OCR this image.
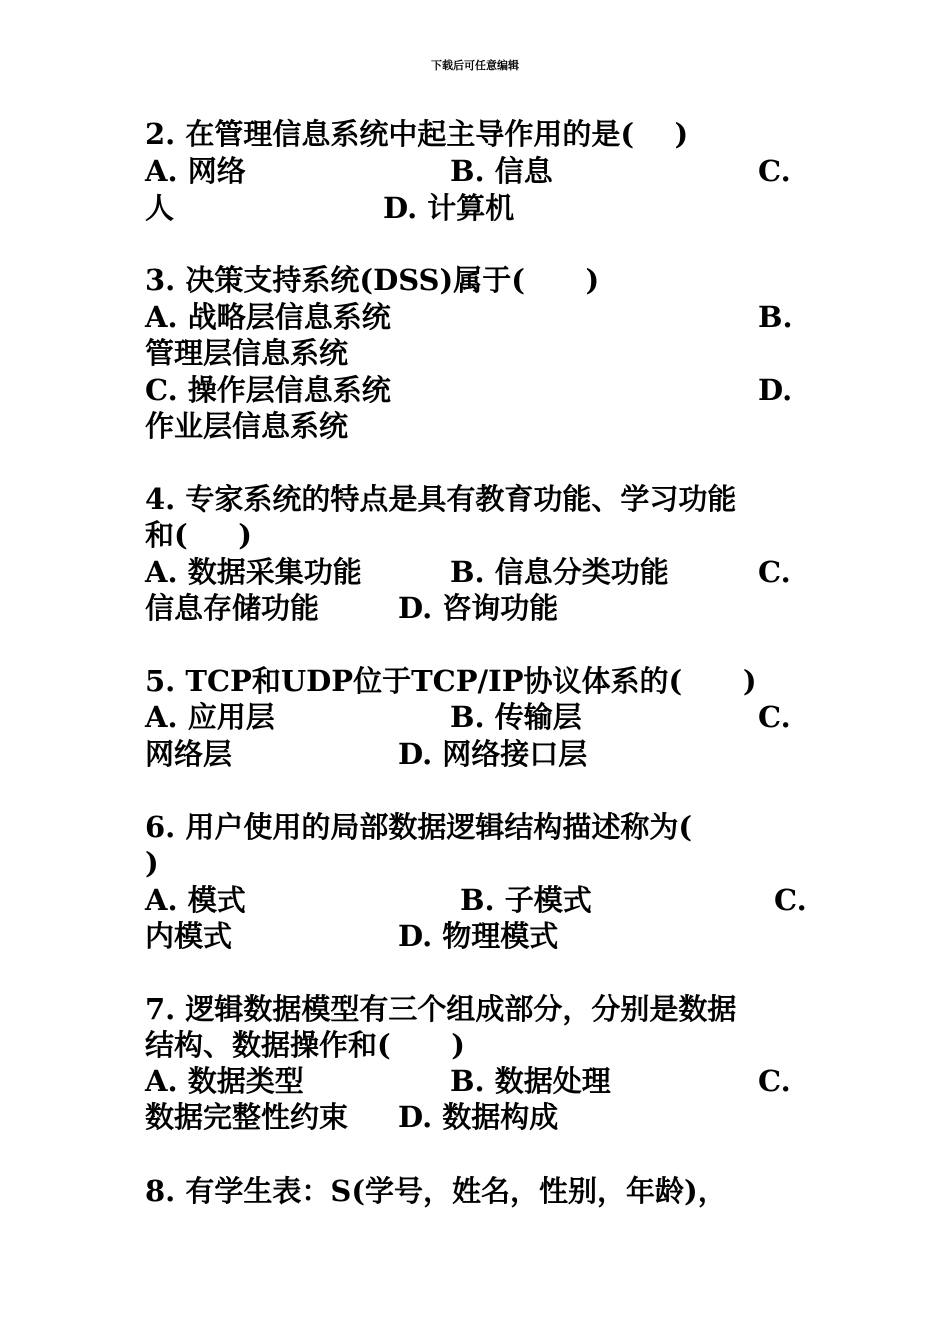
下载后可任意编辑
2. 在管理信息系统中起主导作用的是(    )
A. 网络	B. 信息	C.
人	D. 计算机
3. 决策支持系统(DSS)属于(      )
A. 战略层信息系统	B.
管理层信息系统
C. 操作层信息系统	D.
作业层信息系统
4. 专家系统的特点是具有教育功能、学习功能
和(     )
A. 数据采集功能	B. 信息分类功能	C.
信息存储功能	D. 咨询功能
5. TCP和UDP位于TCP/IP协议体系的(      )
A. 应用层	B. 传输层	C.
网络层	D. 网络接口层
6. 用户使用的局部数据逻辑结构描述称为(
)
A. 模式	B. 子模式	C.
内模式	D. 物理模式
7. 逻辑数据模型有三个组成部分，分别是数据
结构、数据操作和(      )
A. 数据类型	B. 数据处理	C.
数据完整性约束 D. 数据构成
8. 有学生表：S(学号，姓名，性别，年龄)，
